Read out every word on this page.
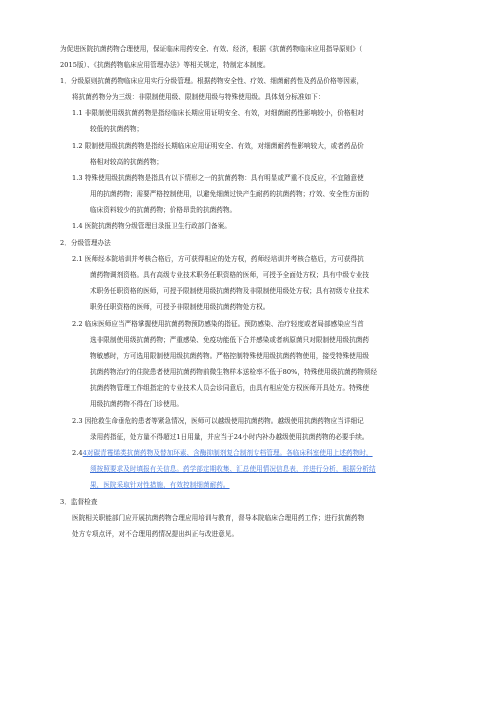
为促进医院抗菌药物合理使用，保证临床用药安全、有效、经济，根据《抗菌药物临床应用指导原则》（
2015版）、《抗菌药物临床应用管理办法》等相关规定，特制定本制度。
1．分级原则抗菌药物临床应用实行分级管理。根据药物安全性、疗效、细菌耐药性及药品价格等因素，
将抗菌药物分为三级：非限制使用级、限制使用级与特殊使用级。具体划分标准如下：
1.1 非限制使用级抗菌药物是指经临床长期应用证明安全、有效，对细菌耐药性影响较小，价格相对
较低的抗菌药物；
1.2 限制使用级抗菌药物是指经长期临床应用证明安全、有效，对细菌耐药性影响较大，或者药品价
格相对较高的抗菌药物；
1.3 特殊使用级抗菌药物是指具有以下情形之一的抗菌药物：具有明显或严重不良反应，不宜随意使
用的抗菌药物；需要严格控制使用，以避免细菌过快产生耐药的抗菌药物；疗效、安全性方面的
临床资料较少的抗菌药物；价格昂贵的抗菌药物。
1.4 医院抗菌药物分级管理目录报卫生行政部门备案。
2．分级管理办法
2.1 医师经本院培训并考核合格后，方可获得相应的处方权，药师经培训并考核合格后，方可获得抗
菌药物调剂资格。具有高级专业技术职务任职资格的医师，可授予全面处方权；具有中级专业技
术职务任职资格的医师，可授予限制使用级抗菌药物及非限制使用级处方权；具有初级专业技术
职务任职资格的医师，可授予非限制使用级抗菌药物处方权。
2.2 临床医师应当严格掌握使用抗菌药物预防感染的指征。预防感染、治疗轻度或者局部感染应当首
选非限制使用级抗菌药物；严重感染、免疫功能低下合并感染或者病原菌只对限制使用级抗菌药
物敏感时，方可选用限制使用级抗菌药物。严格控制特殊使用级抗菌药物使用，接受特殊使用级
抗菌药物治疗的住院患者使用抗菌药物前微生物样本送检率不低于80%，特殊使用级抗菌药物须经
抗菌药物管理工作组指定的专业技术人员会诊同意后，由具有相应处方权医师开具处方。特殊使
用级抗菌药物不得在门诊使用。
2.3 因抢救生命垂危的患者等紧急情况，医师可以越级使用抗菌药物。越级使用抗菌药物应当详细记
录用药指征，处方量不得超过1日用量，并应当于24小时内补办越级使用抗菌药物的必要手续。
2.44对碳青霉烯类抗菌药物及替加环素、含酶抑制剂复合制剂专档管理。各临床科室使用上述药物时，
须按照要求及时填报有关信息。药学部定期收集、汇总使用情况信息表，并进行分析，根据分析结
果，医院采取针对性措施，有效控制细菌耐药。
3．监督检查
医院相关职能部门应开展抗菌药物合理应用培训与教育，督导本院临床合理用药工作；进行抗菌药物
处方专项点评，对不合理用药情况提出纠正与改进意见。
